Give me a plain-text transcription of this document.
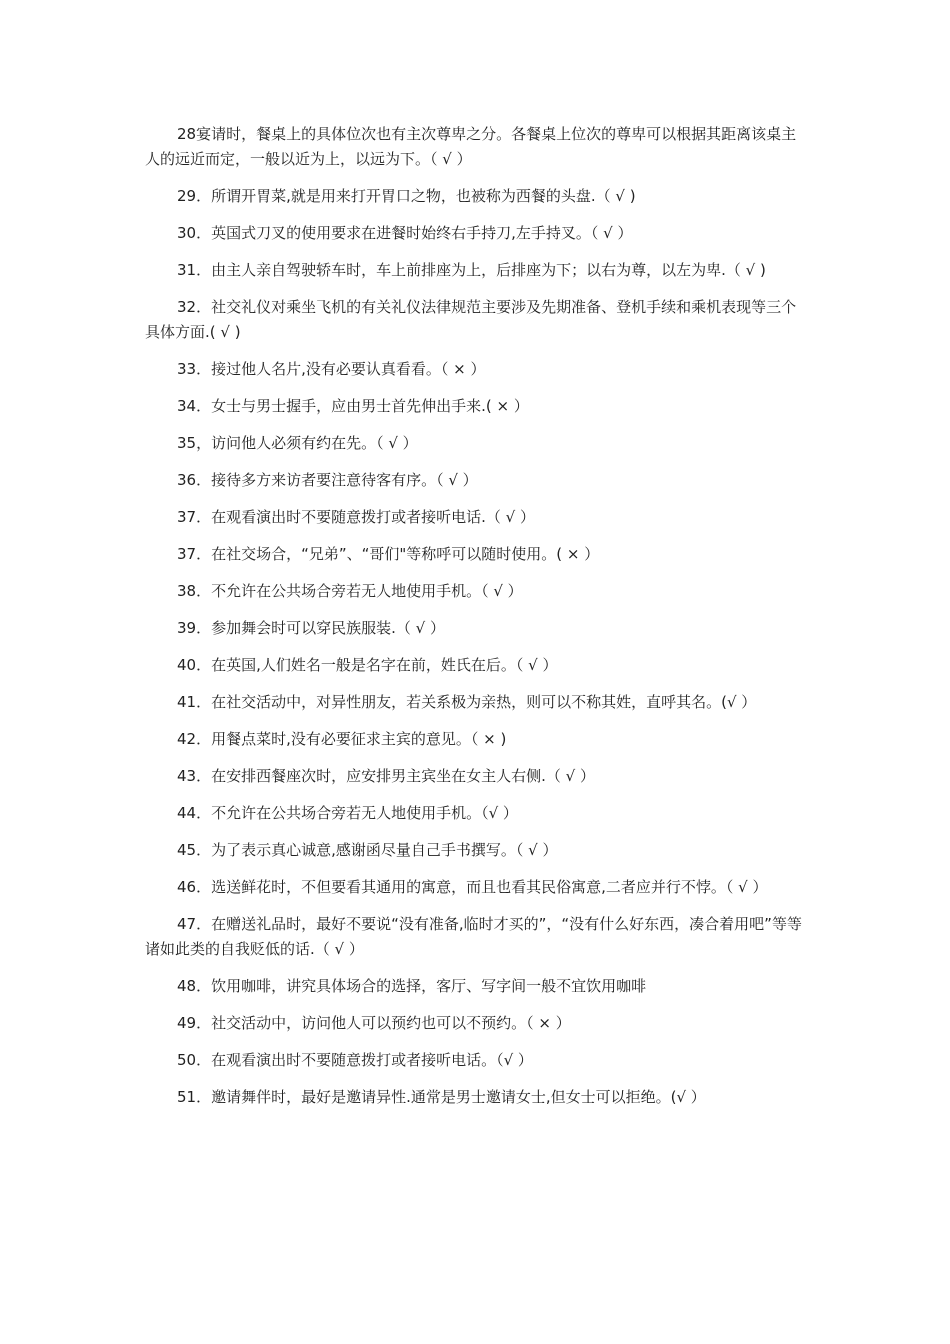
28宴请时，餐桌上的具体位次也有主次尊卑之分。各餐桌上位次的尊卑可以根据其距离该桌主人的远近而定，一般以近为上，以远为下。（ √ ）

29．所谓开胃菜,就是用来打开胃口之物，也被称为西餐的头盘.（ √ )

30．英国式刀叉的使用要求在进餐时始终右手持刀,左手持叉。（ √ ）

31．由主人亲自驾驶轿车时，车上前排座为上，后排座为下；以右为尊，以左为卑.（ √ )

32．社交礼仪对乘坐飞机的有关礼仪法律规范主要涉及先期准备、登机手续和乘机表现等三个具体方面.( √ )

33．接过他人名片,没有必要认真看看。（ × ）

34．女士与男士握手，应由男士首先伸出手来.( × ）

35，访问他人必须有约在先。（ √ ）

36．接待多方来访者要注意待客有序。（ √ ）

37．在观看演出时不要随意拨打或者接听电话.（ √ ）

37．在社交场合，“兄弟”、“哥们"等称呼可以随时使用。( × ）

38．不允许在公共场合旁若无人地使用手机。（ √ ）

39．参加舞会时可以穿民族服装.（ √ ）

40．在英国,人们姓名一般是名字在前，姓氏在后。（ √ ）

41．在社交活动中，对异性朋友，若关系极为亲热，则可以不称其姓，直呼其名。(√ ）

42．用餐点菜时,没有必要征求主宾的意见。（ × )

43．在安排西餐座次时，应安排男主宾坐在女主人右侧.（ √ ）

44．不允许在公共场合旁若无人地使用手机。（√ ）

45．为了表示真心诚意,感谢函尽量自己手书撰写。（ √ ）

46．选送鲜花时，不但要看其通用的寓意，而且也看其民俗寓意,二者应并行不悖。（ √ ）

47．在赠送礼品时，最好不要说“没有准备,临时才买的”，“没有什么好东西，凑合着用吧”等等诸如此类的自我贬低的话.（ √ ）

48．饮用咖啡，讲究具体场合的选择，客厅、写字间一般不宜饮用咖啡

49．社交活动中，访问他人可以预约也可以不预约。（ × ）

50．在观看演出时不要随意拨打或者接听电话。（√ ）

51．邀请舞伴时，最好是邀请异性.通常是男士邀请女士,但女士可以拒绝。(√ ）
